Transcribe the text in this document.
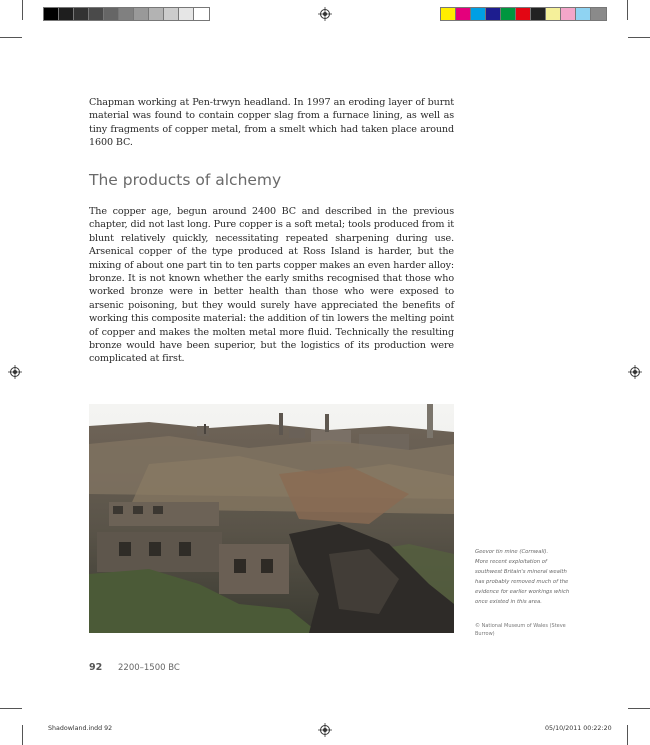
Chapman working at Pen-trwyn headland. In 1997 an eroding layer of burnt material was found to contain copper slag from a furnace lining, as well as tiny fragments of copper metal, from a smelt which had taken place around 1600 BC.

The products of alchemy

The copper age, begun around 2400 BC and described in the previous chapter, did not last long. Pure copper is a soft metal; tools produced from it blunt relatively quickly, necessitating repeated sharpening during use. Arsenical copper of the type produced at Ross Island is harder, but the mixing of about one part tin to ten parts copper makes an even harder alloy: bronze. It is not known whether the early smiths recognised that those who worked bronze were in better health than those who were exposed to arsenic poisoning, but they would surely have appreciated the benefits of working this composite material: the addition of tin lowers the melting point of copper and makes the molten metal more fluid. Technically the resulting bronze would have been superior, but the logistics of its production were complicated at first.

Geevor tin mine (Cornwall).
More recent exploitation of southwest Britain's mineral wealth has probably removed much of the evidence for earlier workings which once existed in this area.

© National Museum of Wales (Steve Burrow)

92 2200–1500 BC
Shadowland.indd 92	05/10/2011 00:22:20
